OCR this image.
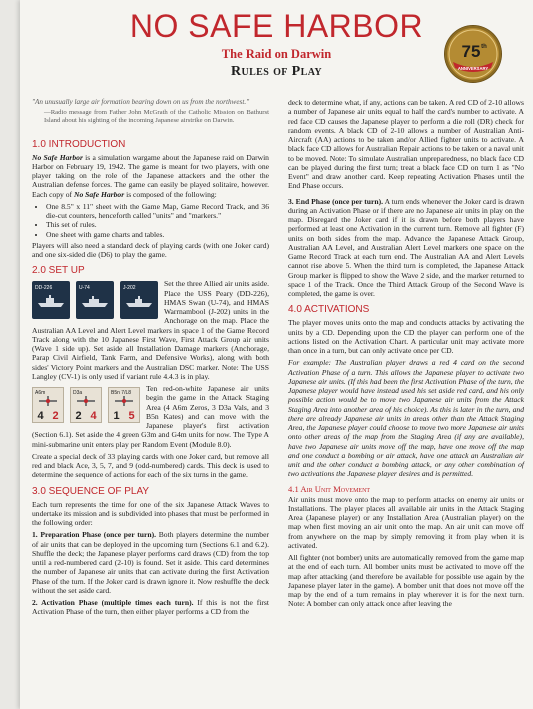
NO SAFE HARBOR
The Raid on Darwin
Rules of Play
75 th
ANNIVERSARY

"An unusually large air formation bearing down on us from the northwest."

—Radio message from Father John McGrath of the Catholic Mission on Bathurst Island about his sighting of the incoming Japanese airstrike on Darwin.

1.0 INTRODUCTION

No Safe Harbor is a simulation wargame about the Japanese raid on Darwin Harbor on February 19, 1942. The game is meant for two players, with one player taking on the role of the Japanese attackers and the other the Australian defense forces. The game can easily be played solitaire, however. Each copy of No Safe Harbor is composed of the following:

• One 8.5" x 11" sheet with the Game Map, Game Record Track, and 36 die-cut counters, henceforth called "units" and "markers."
• This set of rules.
• One sheet with game charts and tables.

Players will also need a standard deck of playing cards (with one Joker card) and one six-sided die (D6) to play the game.

2.0 SET UP
DD-226	U-74	J-202	Set the three Allied air units aside. Place the USS Peary (DD-226), HMAS Swan (U-74), and HMAS Warrnambool (J-202) units in the Anchorage on the map. Place the Australian AA Level and Alert Level markers in space 1 of the Game Record Track along with the 10 Japanese First Wave, First Attack Group air units (Wave 1 side up). Set aside all Installation Damage markers (Anchorage, Parap Civil Airfield, Tank Farm, and Defensive Works), along with both sides' Victory Point markers and the Australian DSC marker. Note: The USS Langley (CV-1) is only used if variant rule 4.4.3 is in play.

A6m
4 2
D3a
2 4
B5n 7/L8
1 5

Ten red-on-white Japanese air units begin the game in the Attack Staging Area (4 A6m Zeros, 3 D3a Vals, and 3 B5n Kates) and can move with the Japanese player's first activation (Section 6.1). Set aside the 4 green G3m and G4m units for now. The Type A mini-submarine unit enters play per Random Event (Module 8.0).

Create a special deck of 33 playing cards with one Joker card, but remove all red and black Ace, 3, 5, 7, and 9 (odd-numbered) cards. This deck is used to determine the sequence of actions for each of the six turns in the game.

3.0 SEQUENCE OF PLAY

Each turn represents the time for one of the six Japanese Attack Waves to undertake its mission and is subdivided into phases that must be performed in the following order:

1. Preparation Phase (once per turn). Both players determine the number of air units that can be deployed in the upcoming turn (Sections 6.1 and 6.2). Shuffle the deck; the Japanese player performs card draws (CD) from the top until a red-numbered card (2-10) is found. Set it aside. This card determines the number of Japanese air units that can activate during the first Activation Phase of the turn. If the Joker card is drawn ignore it. Now reshuffle the deck without the set aside card.

2. Activation Phase (multiple times each turn). If this is not the first Activation Phase of the turn, then either player performs a CD from the

deck to determine what, if any, actions can be taken. A red CD of 2-10 allows a number of Japanese air units equal to half the card's number to activate. A red face CD causes the Japanese player to perform a die roll (DR) check for random events. A black CD of 2-10 allows a number of Australian Anti-Aircraft (AA) actions to be taken and/or Allied fighter units to activate. A black face CD allows for Australian Repair actions to be taken or a naval unit to be moved. Note: To simulate Australian unpreparedness, no black face CD can be played during the first turn; treat a black face CD on turn 1 as "No Event" and draw another card. Keep repeating Activation Phases until the End Phase occurs.

3. End Phase (once per turn). A turn ends whenever the Joker card is drawn during an Activation Phase or if there are no Japanese air units in play on the map. Disregard the Joker card if it is drawn before both players have performed at least one Activation in the current turn. Remove all fighter (F) units on both sides from the map. Advance the Japanese Attack Group, Australian AA Level, and Australian Alert Level markers one space on the Game Record Track at each turn end. The Australian AA and Alert Levels cannot rise above 5. When the third turn is completed, the Japanese Attack Group marker is flipped to show the Wave 2 side, and the marker returned to space 1 of the Track. Once the Third Attack Group of the Second Wave is completed, the game is over.

4.0 ACTIVATIONS

The player moves units onto the map and conducts attacks by activating the units by a CD. Depending upon the CD the player can perform one of the actions listed on the Activation Chart. A particular unit may activate more than once in a turn, but can only activate once per CD.

For example: The Australian player draws a red 4 card on the second Activation Phase of a turn. This allows the Japanese player to activate two Japanese air units. (If this had been the first Activation Phase of the turn, the Japanese player would have instead used his set aside red card, and his only possible action would be to move two Japanese air units from the Attack Staging Area into another area of his choice). As this is later in the turn, and there are already Japanese air units in areas other than the Attack Staging Area, the Japanese player could choose to move two more Japanese air units onto other areas of the map from the Staging Area (if any are available), have two Japanese air units move off the map, have one move off the map and one conduct a bombing or air attack, have one attack an Australian air unit and the other conduct a bombing attack, or any other combination of two activations the Japanese player desires and is permitted.

4.1 Air Unit Movement

Air units must move onto the map to perform attacks on enemy air units or Installations. The player places all available air units in the Attack Staging Area (Japanese player) or any Installation Area (Australian player) on the map when first moving an air unit onto the map. An air unit can move off from anywhere on the map by simply removing it from play when it is activated.

All fighter (not bomber) units are automatically removed from the game map at the end of each turn. All bomber units must be activated to move off the map after attacking (and therefore be available for possible use again by the Japanese player later in the game). A bomber unit that does not move off the map by the end of a turn remains in play wherever it is for the next turn. Note: A bomber can only attack once after leaving the
